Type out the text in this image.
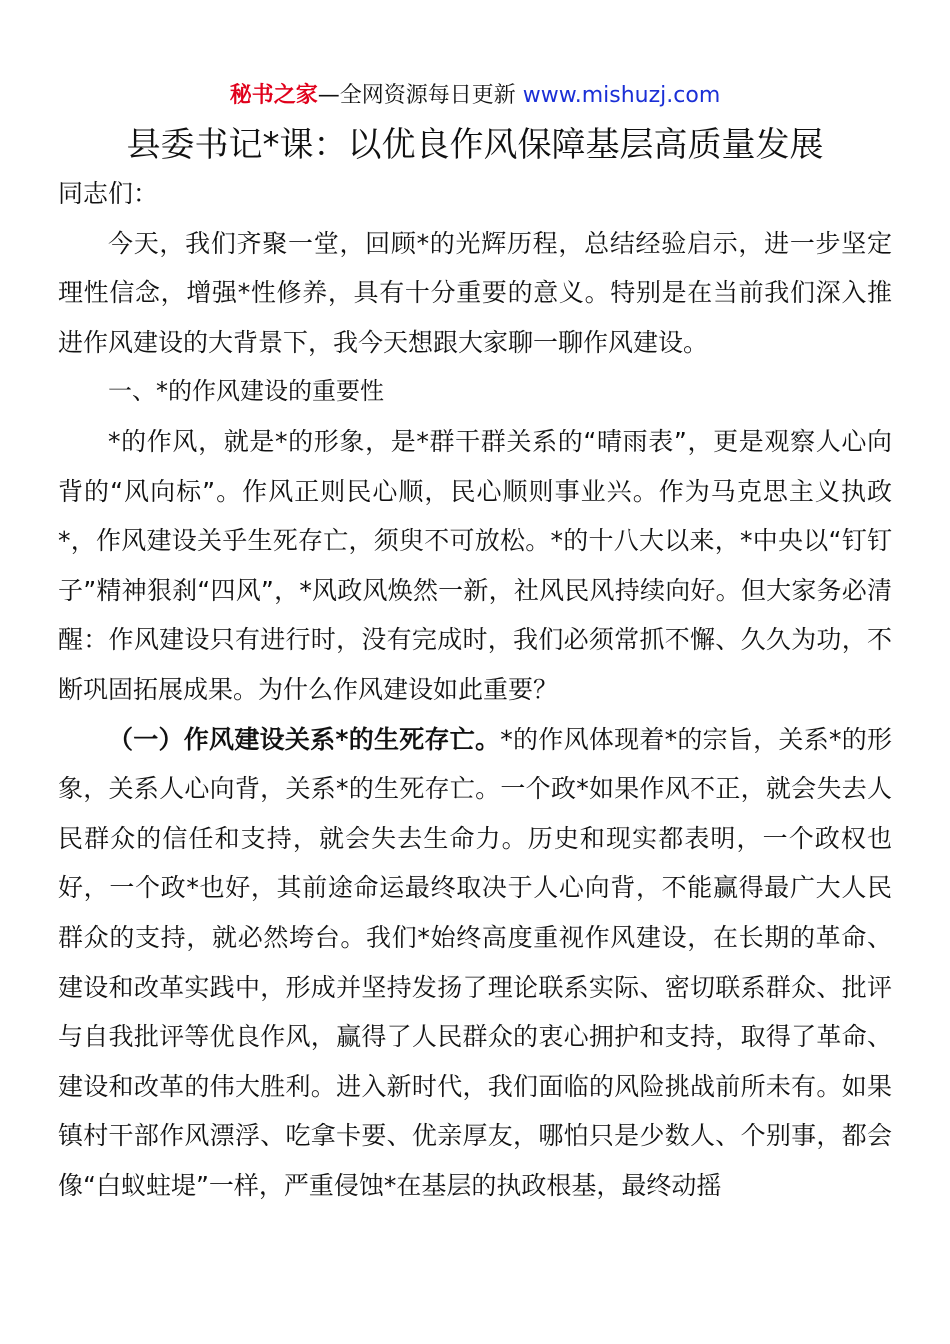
秘书之家—全网资源每日更新 www.mishuzj.com
县委书记*课：以优良作风保障基层高质量发展

同志们：

今天，我们齐聚一堂，回顾*的光辉历程，总结经验启示，进一步坚定理性信念，增强*性修养，具有十分重要的意义。特别是在当前我们深入推进作风建设的大背景下，我今天想跟大家聊一聊作风建设。

一、*的作风建设的重要性

*的作风，就是*的形象，是*群干群关系的“晴雨表”，更是观察人心向背的“风向标”。作风正则民心顺，民心顺则事业兴。作为马克思主义执政*，作风建设关乎生死存亡，须臾不可放松。*的十八大以来，*中央以“钉钉子”精神狠刹“四风”，*风政风焕然一新，社风民风持续向好。但大家务必清醒：作风建设只有进行时，没有完成时，我们必须常抓不懈、久久为功，不断巩固拓展成果。为什么作风建设如此重要？

（一）作风建设关系*的生死存亡。*的作风体现着*的宗旨，关系*的形象，关系人心向背，关系*的生死存亡。一个政*如果作风不正，就会失去人民群众的信任和支持，就会失去生命力。历史和现实都表明，一个政权也好，一个政*也好，其前途命运最终取决于人心向背，不能赢得最广大人民群众的支持，就必然垮台。我们*始终高度重视作风建设，在长期的革命、建设和改革实践中，形成并坚持发扬了理论联系实际、密切联系群众、批评与自我批评等优良作风，赢得了人民群众的衷心拥护和支持，取得了革命、建设和改革的伟大胜利。进入新时代，我们面临的风险挑战前所未有。如果镇村干部作风漂浮、吃拿卡要、优亲厚友，哪怕只是少数人、个别事，都会像“白蚁蛀堤”一样，严重侵蚀*在基层的执政根基，最终动摇
